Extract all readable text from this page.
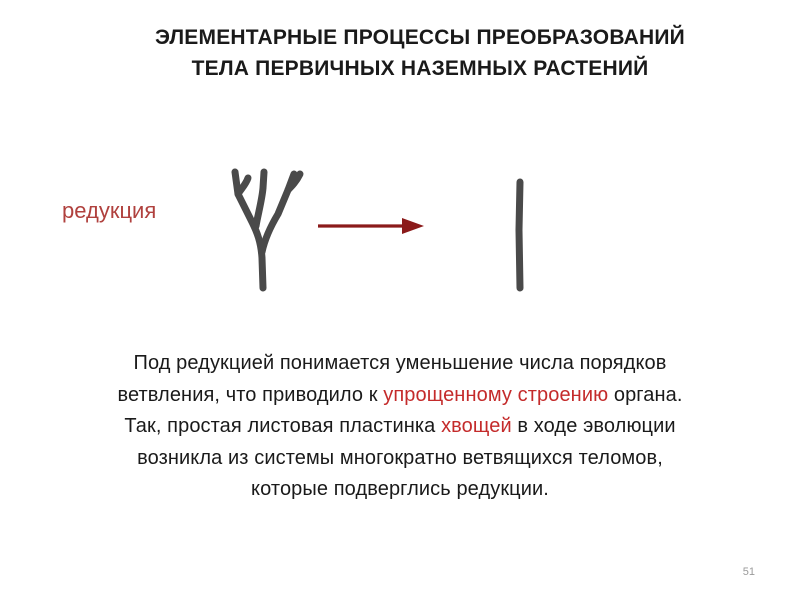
ЭЛЕМЕНТАРНЫЕ ПРОЦЕССЫ ПРЕОБРАЗОВАНИЙ
ТЕЛА ПЕРВИЧНЫХ НАЗЕМНЫХ РАСТЕНИЙ
редукция
Под редукцией понимается уменьшение числа порядков
ветвления, что приводило к упрощенному строению органа.
Так, простая листовая пластинка хвощей в ходе эволюции
возникла из системы многократно ветвящихся теломов,
которые подверглись редукции.
51
